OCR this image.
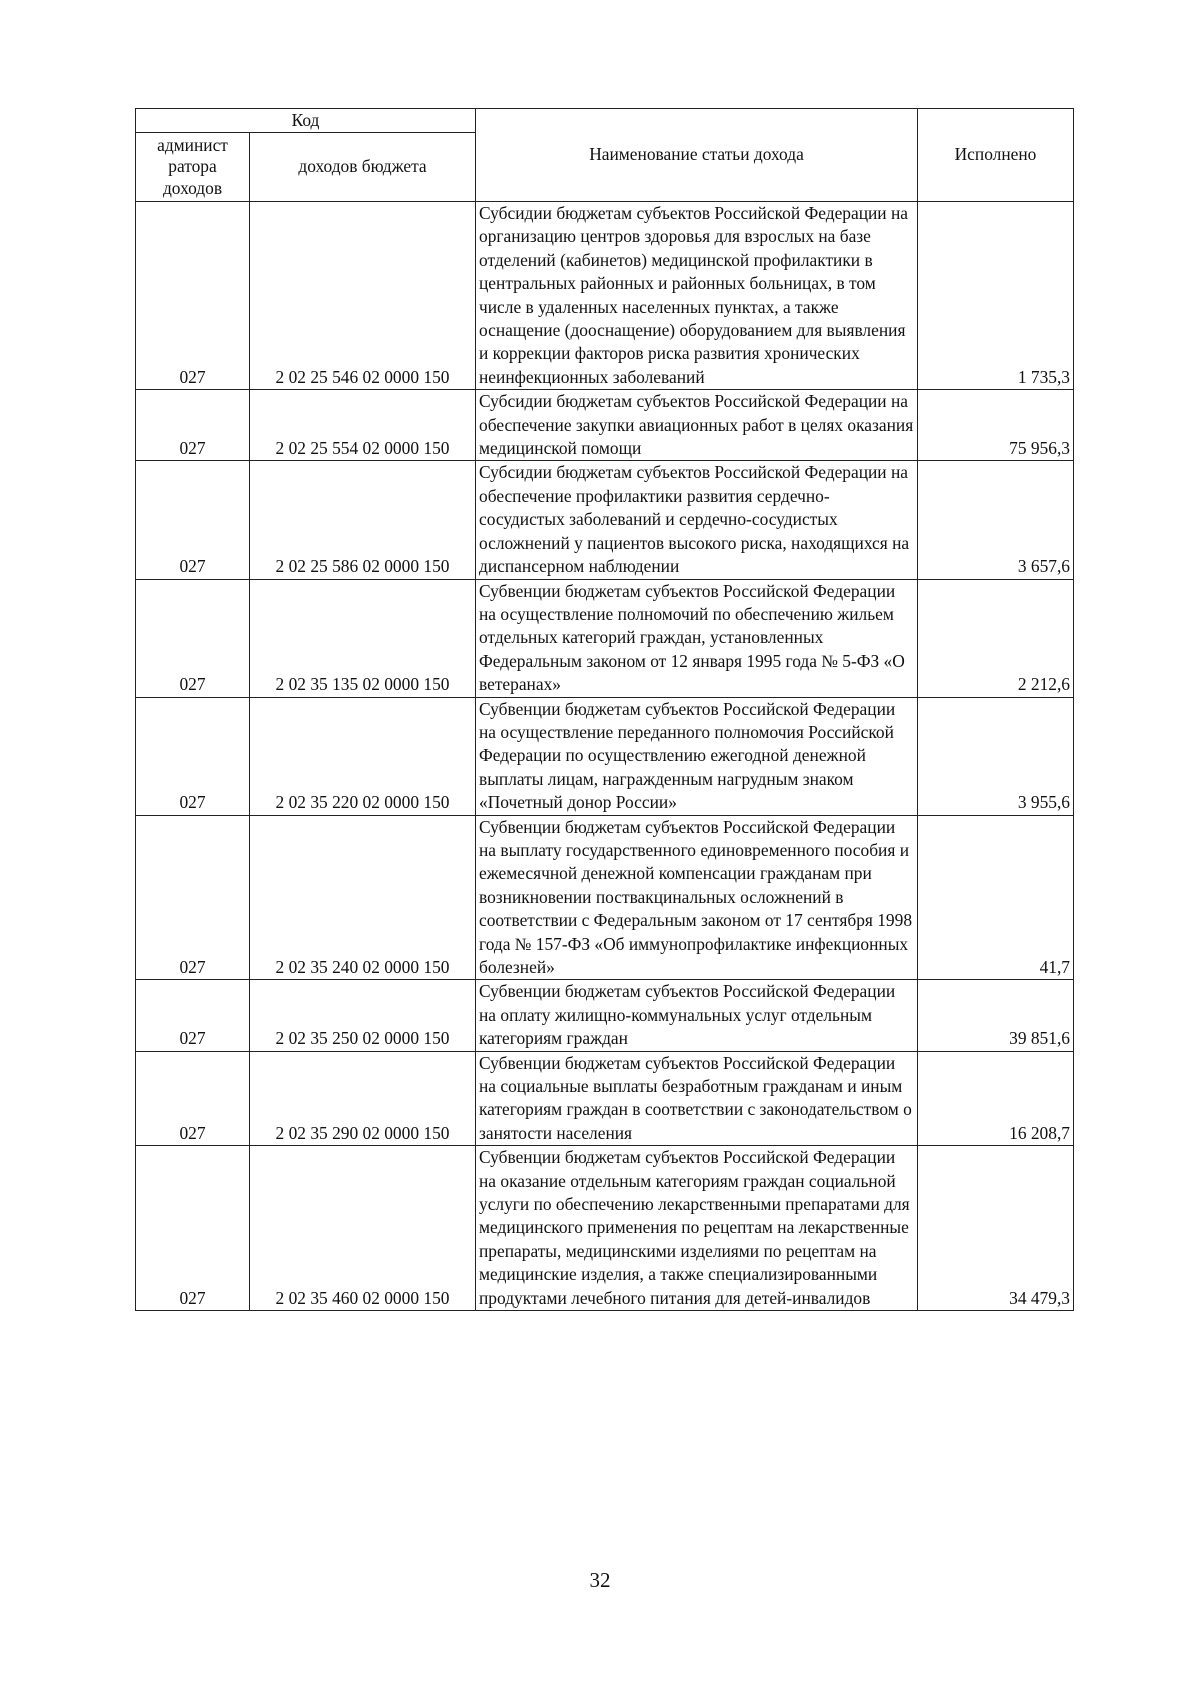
Код		Наименование статьи дохода	Исполнено
админист ратора доходов	доходов бюджета		
027	2 02 25 546 02 0000 150	Субсидии бюджетам субъектов Российской Федерации на организацию центров здоровья для взрослых на базе отделений (кабинетов) медицинской профилактики в центральных районных и районных больницах, в том числе в удаленных населенных пунктах, а также оснащение (дооснащение) оборудованием для выявления и коррекции факторов риска развития хронических неинфекционных заболеваний	1 735,3
027	2 02 25 554 02 0000 150	Субсидии бюджетам субъектов Российской Федерации на обеспечение закупки авиационных работ в целях оказания медицинской помощи	75 956,3
027	2 02 25 586 02 0000 150	Субсидии бюджетам субъектов Российской Федерации на обеспечение профилактики развития сердечно-сосудистых заболеваний и сердечно-сосудистых осложнений у пациентов высокого риска, находящихся на диспансерном наблюдении	3 657,6
027	2 02 35 135 02 0000 150	Субвенции бюджетам субъектов Российской Федерации на осуществление полномочий по обеспечению жильем отдельных категорий граждан, установленных Федеральным законом от 12 января 1995 года № 5-ФЗ «О ветеранах»	2 212,6
027	2 02 35 220 02 0000 150	Субвенции бюджетам субъектов Российской Федерации на осуществление переданного полномочия Российской Федерации по осуществлению ежегодной денежной выплаты лицам, награжденным нагрудным знаком «Почетный донор России»	3 955,6
027	2 02 35 240 02 0000 150	Субвенции бюджетам субъектов Российской Федерации на выплату государственного единовременного пособия и ежемесячной денежной компенсации гражданам при возникновении поствакцинальных осложнений в соответствии с Федеральным законом от 17 сентября 1998 года № 157-ФЗ «Об иммунопрофилактике инфекционных болезней»	41,7
027	2 02 35 250 02 0000 150	Субвенции бюджетам субъектов Российской Федерации на оплату жилищно-коммунальных услуг отдельным категориям граждан	39 851,6
027	2 02 35 290 02 0000 150	Субвенции бюджетам субъектов Российской Федерации на социальные выплаты безработным гражданам и иным категориям граждан в соответствии с законодательством о занятости населения	16 208,7
027	2 02 35 460 02 0000 150	Субвенции бюджетам субъектов Российской Федерации на оказание отдельным категориям граждан социальной услуги по обеспечению лекарственными препаратами для медицинского применения по рецептам на лекарственные препараты, медицинскими изделиями по рецептам на медицинские изделия, а также специализированными продуктами лечебного питания для детей-инвалидов	34 479,3
32
